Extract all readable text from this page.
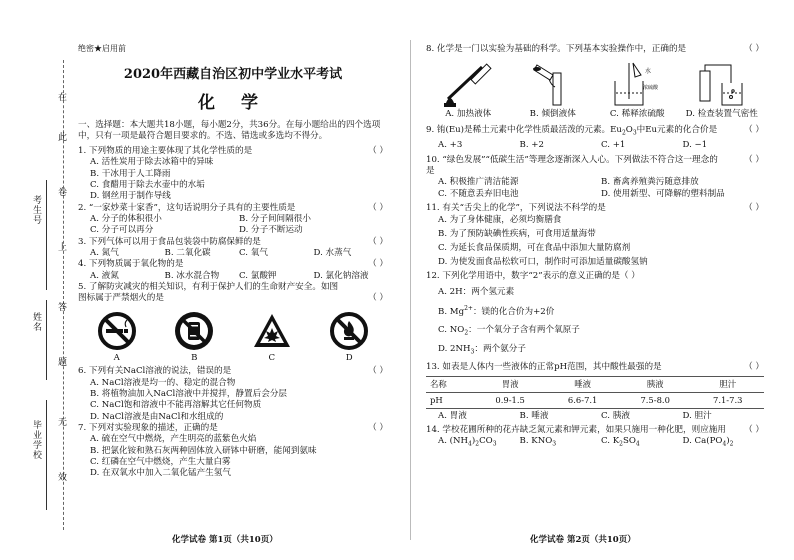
考生号
姓名
毕业学校
在
此
卷
上
答
题
无
效
绝密★启用前
2020年西藏自治区初中学业水平考试
化 学
一、选择题：本大题共18小题，每小题2分，共36分。在每小题给出的四个选项中，只有一项是最符合题目要求的。不选、错选或多选均不得分。
1. 下列物质的用途主要体现了其化学性质的是	（ ）
A. 活性炭用于除去冰箱中的异味
B. 干冰用于人工降雨
C. 食醋用于除去水壶中的水垢
D. 钢丝用于制作导线
2. “一家炒菜十家香”，这句话说明分子具有的主要性质是	（ ）
A. 分子的体积很小	B. 分子间间隔很小
C. 分子可以再分	D. 分子不断运动
3. 下列气体可以用于食品包装袋中防腐保鲜的是	（ ）
A. 氮气	B. 二氧化碳	C. 氧气	D. 水蒸气
4. 下列物质属于氧化物的是	（ ）
A. 液氮	B. 冰水混合物	C. 氯酸钾	D. 氯化钠溶液
5. 了解防灾减灾的相关知识，有利于保护人们的生命财产安全。如图图标属于严禁烟火的是	（ ）
A	B	C	D
6. 下列有关NaCl溶液的说法，错误的是	（ ）
A. NaCl溶液是均一的、稳定的混合物
B. 将植物油加入NaCl溶液中并搅拌，静置后会分层
C. NaCl饱和溶液中不能再溶解其它任何物质
D. NaCl溶液是由NaCl和水组成的
7. 下列对实验现象的描述，正确的是	（ ）
A. 硫在空气中燃烧，产生明亮的蓝紫色火焰
B. 把氯化铵和熟石灰两种固体放入研钵中研磨，能闻到氨味
C. 红磷在空气中燃烧，产生大量白雾
D. 在双氧水中加入二氧化锰产生氢气
化学试卷 第1页（共10页）
8. 化学是一门以实验为基础的科学。下列基本实验操作中，正确的是	（ ）
水
浓硫酸
A. 加热液体	B. 倾倒液体	C. 稀释浓硫酸	D. 检查装置气密性
9. 铕(Eu)是稀土元素中化学性质最活泼的元素。$Eu_2O_3$中Eu元素的化合价是	（ ）
A. +3	B. +2	C. +1	D. −1
10. “绿色发展”“低碳生活”等理念逐渐深入人心。下列做法不符合这一理念的是
（ ）
A. 积极推广清洁能源	B. 畜禽养殖粪污随意排放
C. 不随意丢弃旧电池	D. 使用新型、可降解的塑料制品
11. 有关“舌尖上的化学”，下列说法不科学的是	（ ）
A. 为了身体健康，必须均衡膳食
B. 为了预防缺碘性疾病，可食用适量海带
C. 为延长食品保质期，可在食品中添加大量防腐剂
D. 为使发面食品松软可口，制作时可添加适量碳酸氢钠
12. 下列化学用语中，数字“2”表示的意义正确的是（ ）
A. 2H：两个氢元素
B. $Mg^{2+}$：镁的化合价为+2价
C. $NO_2$：一个氧分子含有两个氧原子
D. $2NH_3$：两个氨分子
13. 如表是人体内一些液体的正常pH范围，其中酸性最强的是	（ ）
名称	胃液	唾液	胰液	胆汁
pH	0.9-1.5	6.6-7.1	7.5-8.0	7.1-7.3
A. 胃液	B. 唾液	C. 胰液	D. 胆汁
14. 学校花圃所种的花卉缺乏氮元素和钾元素，如果只施用一种化肥，则应施用 （ ）
A. $(NH_4)_2CO_3$	B. $KNO_3$	C. $K_2SO_4$	D. $Ca(PO_4)_2$
化学试卷 第2页（共10页）
